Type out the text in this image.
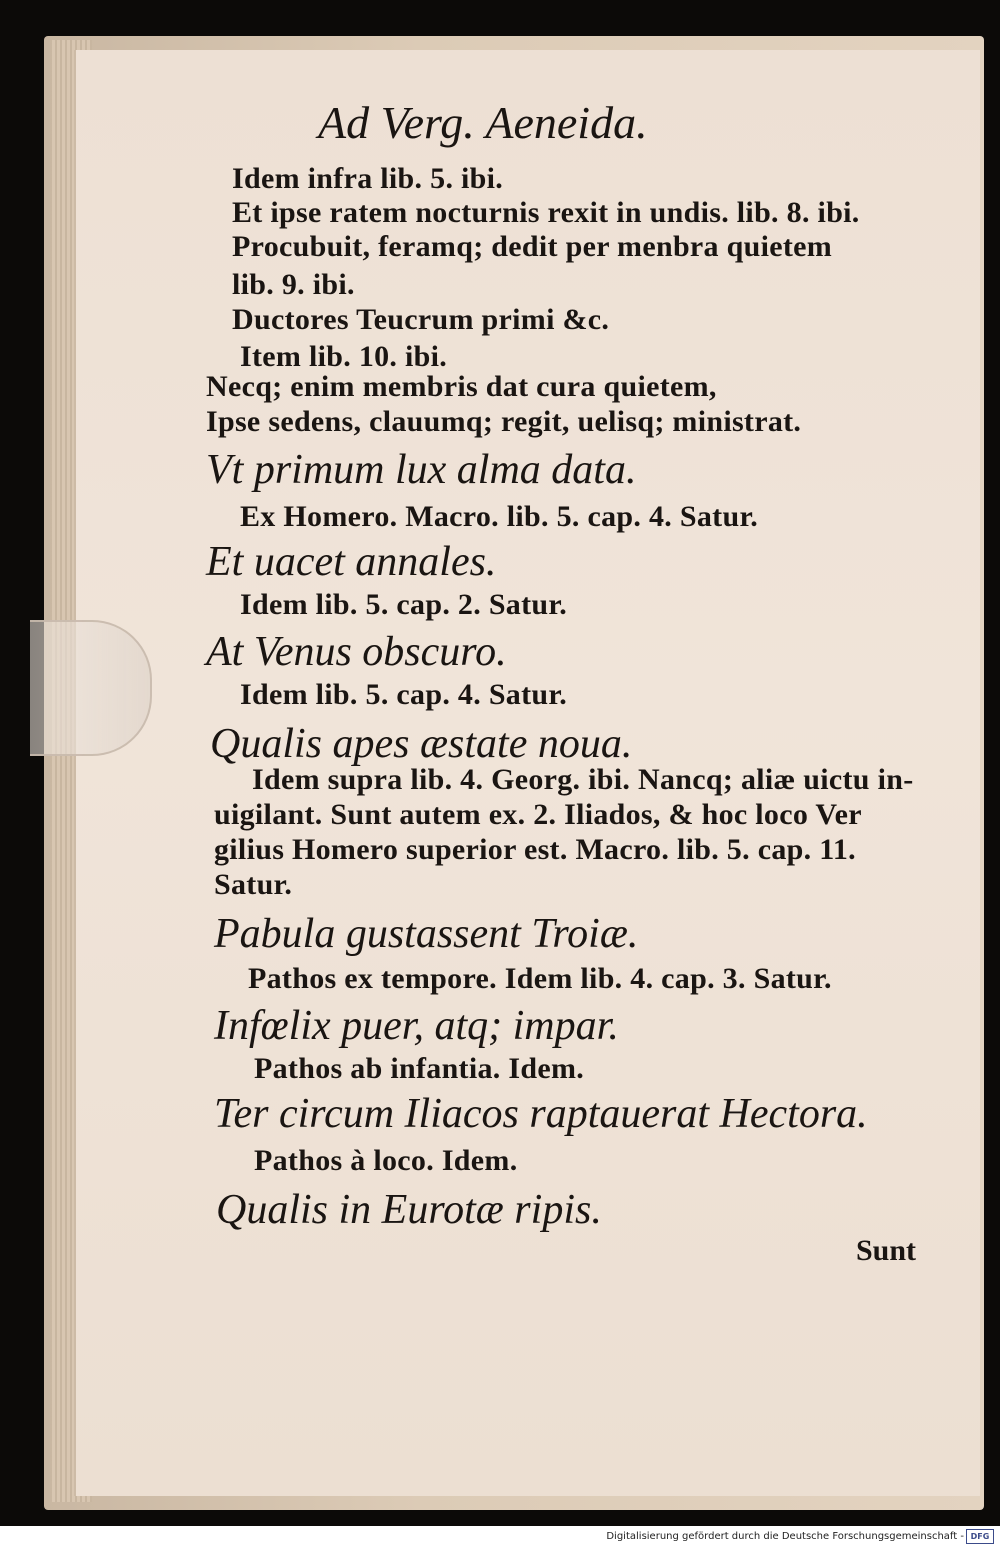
Ad Verg. Aeneida.
Idem infra lib. 5. ibi.
Et ipse ratem nocturnis rexit in undis. lib. 8. ibi.
Procubuit, feramq; dedit per menbra quietem
lib. 9. ibi.
Ductores Teucrum primi &c.
Item lib. 10. ibi.
Necq; enim membris dat cura quietem,
Ipse sedens, clauumq; regit, uelisq; ministrat.
Vt primum lux alma data.
Ex Homero. Macro. lib. 5. cap. 4. Satur.
Et uacet annales.
Idem lib. 5. cap. 2. Satur.
At Venus obscuro.
Idem lib. 5. cap. 4. Satur.
Qualis apes æstate noua.
Idem supra lib. 4. Georg. ibi. Nancq; aliæ uictu in-
uigilant. Sunt autem ex. 2. Iliados, & hoc loco Ver
gilius Homero superior est. Macro. lib. 5. cap. 11.
Satur.
Pabula gustassent Troiæ.
Pathos ex tempore. Idem lib. 4. cap. 3. Satur.
Infœlix puer, atq; impar.
Pathos ab infantia. Idem.
Ter circum Iliacos raptauerat Hectora.
Pathos à loco. Idem.
Qualis in Eurotæ ripis.
Sunt
Digitalisierung gefördert durch die Deutsche Forschungsgemeinschaft - DFG
